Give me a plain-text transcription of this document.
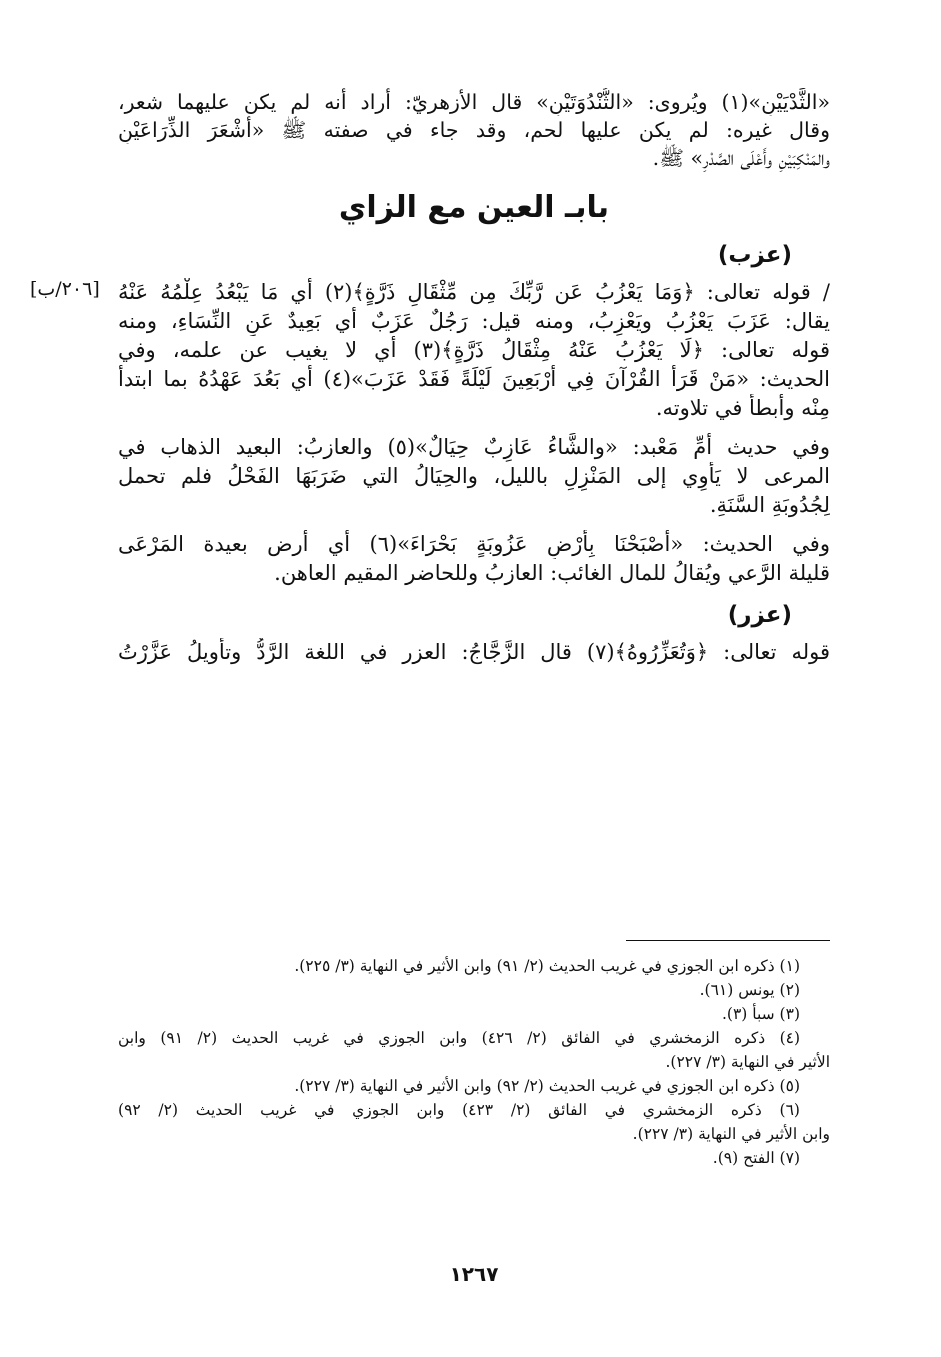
«الثَّدْيَيْنِ»(١) ويُروى: «الثُّنْدُوَتَيْنِ» قال الأزهريّ: أراد أنه لم يكن عليهما شعر،
وقال غيره: لم يكن عليها لحم، وقد جاء في صفته ﷺ «أَشْعَرَ الذِّرَاعَيْنِ
والمَنْكِبَيْنِ وأَعْلَى الصَّدْرِ» ﷺ.
بابـ العين مع الزاي
(عزب)
/ قوله تعالى: ﴿وَمَا يَعْزُبُ عَن رَّبِّكَ مِن مِّثْقَالِ ذَرَّةٍ﴾(٢) أي مَا يَبْعُدُ عِلْمُهُ عَنْهُ
[٢٠٦/ب]
يقال: عَزَبَ يَعْزُبُ ويَعْزِبُ، ومنه قيل: رَجُلٌ عَزَبٌ أي بَعِيدٌ عَنِ النِّسَاءِ، ومنه
قوله تعالى: ﴿لَا يَعْزُبُ عَنْهُ مِثْقَالُ ذَرَّةٍ﴾(٣) أي لا يغيب عن علمه، وفي
الحديث: «مَنْ قَرَأَ القُرْآنَ فِي أَرْبَعِينَ لَيْلَةً فَقَدْ عَزَبَ»(٤) أي بَعُدَ عَهْدُهُ بما ابتدأ
مِنْه وأبطأ في تلاوته.
وفي حديث أُمِّ مَعْبد: «والشَّاءُ عَازِبٌ حِيَالٌ»(٥) والعازبُ: البعيد الذهاب في
المرعى لا يَأْوِي إلى المَنْزِلِ بالليل، والحِيَالُ التي ضَرَبَهَا الفَحْلُ فلم تحمل
لِجُدُوبَةِ السَّنَةِ.
وفي الحديث: «أَصْبَحْنَا بِأَرْضٍ عَزُوبَةٍ بَحْرَاءَ»(٦) أي أرض بعيدة المَرْعَى
قليلة الرَّعي ويُقالُ للمال الغائب: العازبُ وللحاضر المقيم العاهن.
(عزر)
قوله تعالى: ﴿وَتُعَزِّرُوهُ﴾(٧) قال الزَّجَّاجُ: العزر في اللغة الرَّدُّ وتأويلُ عَزَّرْتُ
(١) ذكره ابن الجوزي في غريب الحديث (٢/ ٩١) وابن الأثير في النهاية (٣/ ٢٢٥).
(٢) يونس (٦١).
(٣) سبأ (٣).
(٤) ذكره الزمخشري في الفائق (٢/ ٤٢٦) وابن الجوزي في غريب الحديث (٢/ ٩١) وابن
الأثير في النهاية (٣/ ٢٢٧).
(٥) ذكره ابن الجوزي في غريب الحديث (٢/ ٩٢) وابن الأثير في النهاية (٣/ ٢٢٧).
(٦) ذكره الزمخشري في الفائق (٢/ ٤٢٣) وابن الجوزي في غريب الحديث (٢/ ٩٢)
وابن الأثير في النهاية (٣/ ٢٢٧).
(٧) الفتح (٩).
١٢٦٧
